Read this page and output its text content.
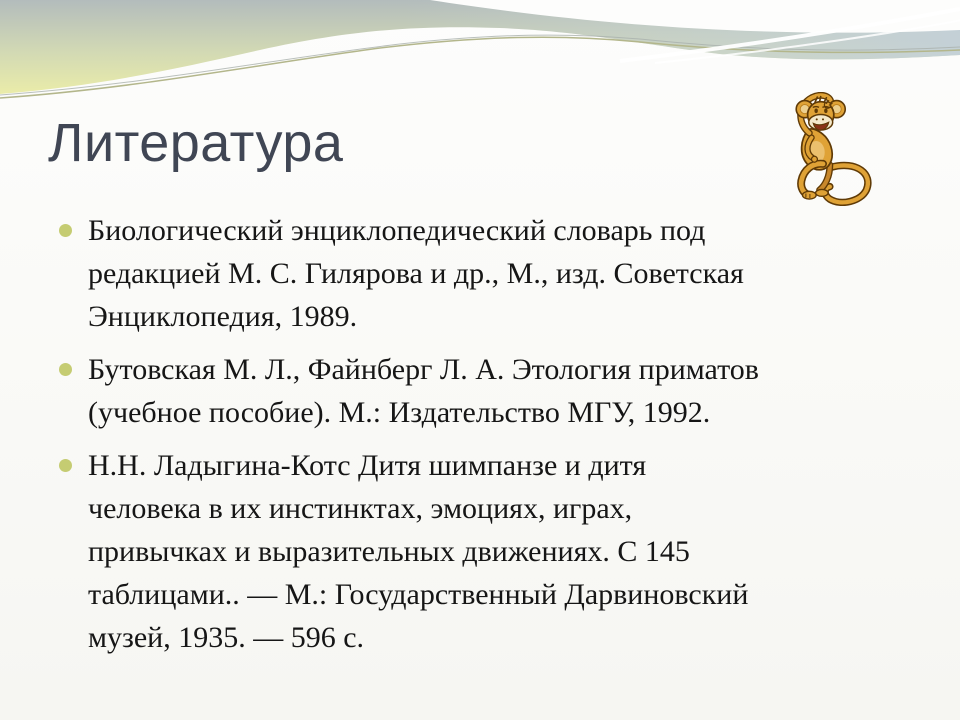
Литература
Биологический энциклопедический словарь под
редакцией М. С. Гилярова и др., М., изд. Советская
Энциклопедия, 1989.
Бутовская М. Л., Файнберг Л. А. Этология приматов
(учебное пособие). М.: Издательство МГУ, 1992.
Н.Н. Ладыгина-Котс Дитя шимпанзе и дитя
человека в их инстинктах, эмоциях, играх,
привычках и выразительных движениях. С 145
таблицами.. — М.: Государственный Дарвиновский
музей, 1935. — 596 с.
